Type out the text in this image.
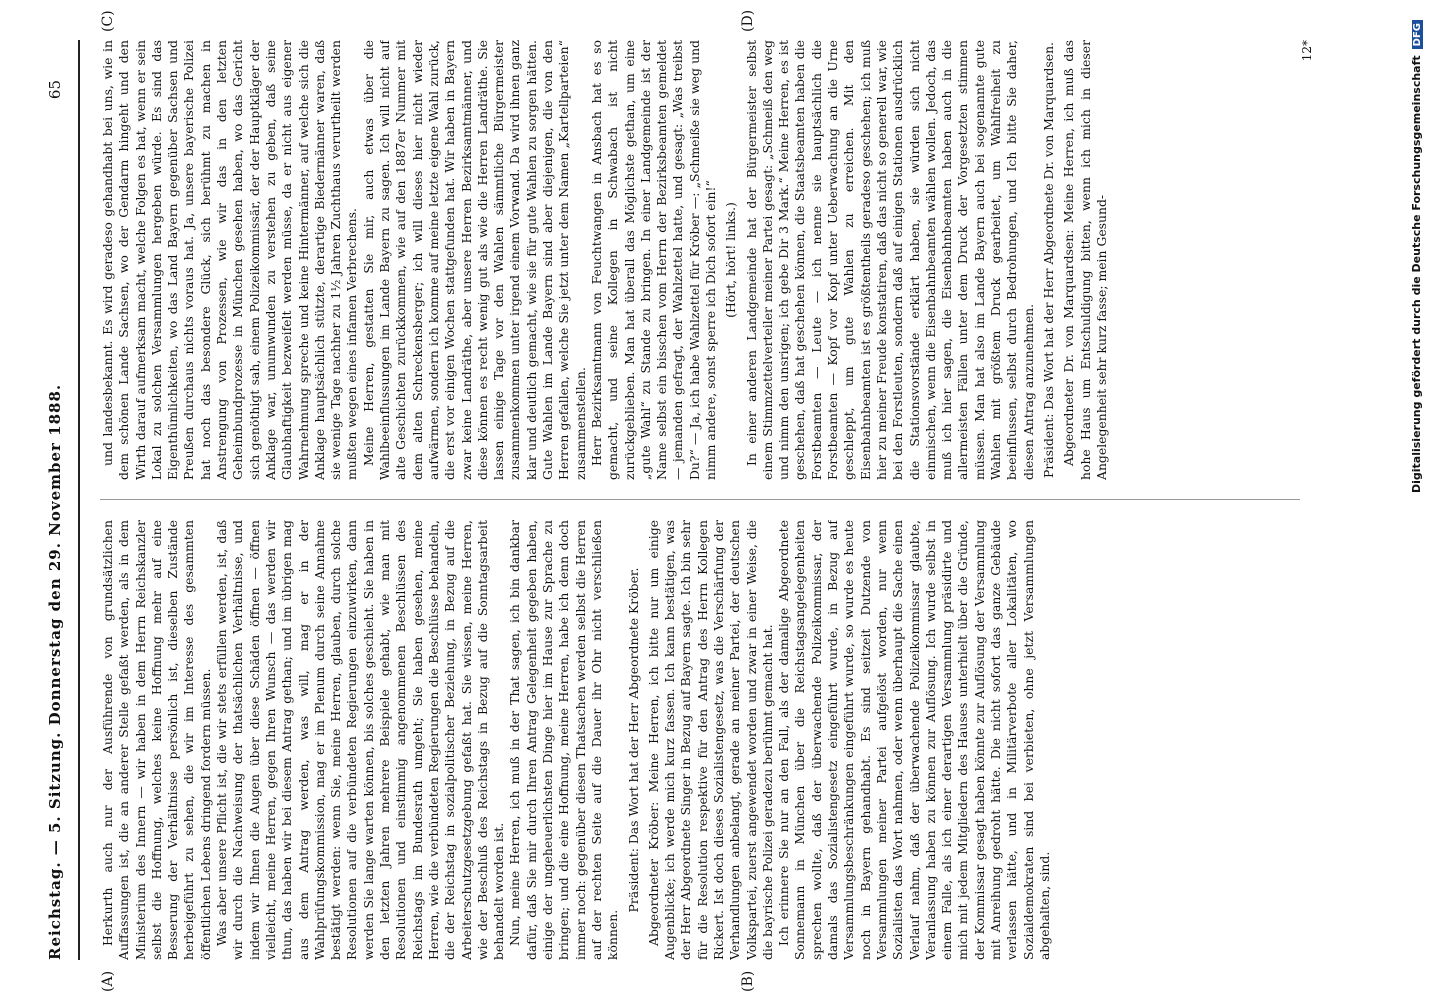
Reichstag. — 5. Sitzung. Donnerstag den 29. November 1888.
65
(A)	(B)
(C)	(D)

Herkurth auch nur der Ausführende von grundsätzlichen Auffassungen ist, die an anderer Stelle gefaßt werden, als in dem Ministerium des Innern — wir haben in dem Herrn Reichskanzler selbst die Hoffnung, welches keine Hoffnung mehr auf eine Besserung der Verhältnisse persönlich ist, dieselben Zustände herbeigeführt zu sehen, die wir im Interesse des gesammten öffentlichen Lebens dringend fordern müssen. Was aber unsere Pflicht ist, die wir stets erfüllen werden, ist, daß wir durch die Nachweisung der thatsächlichen Verhältnisse, und indem wir Ihnen die Augen über diese Schäden öffnen — öffnen vielleicht, meine Herren, gegen Ihren Wunsch — das werden wir thun, das haben wir bei diesem Antrag gethan; und im übrigen mag aus dem Antrag werden, was will, mag er in der Wahlprüfungskommission, mag er im Plenum durch seine Annahme bestätigt werden: wenn Sie, meine Herren, glauben, durch solche Resolutionen auf die verbündeten Regierungen einzuwirken, dann werden Sie lange warten können, bis solches geschieht. Sie haben in den letzten Jahren mehrere Beispiele gehabt, wie man mit Resolutionen und einstimmig angenommenen Beschlüssen des Reichstags im Bundesrath umgeht; Sie haben gesehen, meine Herren, wie die verbündeten Regierungen die Beschlüsse behandeln, die der Reichstag in sozialpolitischer Beziehung, in Bezug auf die Arbeiterschutzgesetzgebung gefaßt hat. Sie wissen, meine Herren, wie der Beschluß des Reichstags in Bezug auf die Sonntagsarbeit behandelt worden ist. Nun, meine Herren, ich muß in der That sagen, ich bin dankbar dafür, daß Sie mir durch Ihren Antrag Gelegenheit gegeben haben, einige der ungeheuerlichsten Dinge hier im Hause zur Sprache zu bringen; und die eine Hoffnung, meine Herren, habe ich denn doch immer noch: gegenüber diesen Thatsachen werden selbst die Herren auf der rechten Seite auf die Dauer ihr Ohr nicht verschließen können.

Präsident: Das Wort hat der Herr Abgeordnete Kröber. Abgeordneter Kröber: Meine Herren, ich bitte nur um einige Augenblicke; ich werde mich kurz fassen. Ich kann bestätigen, was der Herr Abgeordnete Singer in Bezug auf Bayern sagte. Ich bin sehr für die Resolution respektive für den Antrag des Herrn Kollegen Rickert. Ist doch dieses Sozialistengesetz, was die Verschärfung der Verhandlungen anbelangt, gerade an meiner Partei, der deutschen Volkspartei, zuerst angewendet worden und zwar in einer Weise, die die bayrische Polizei geradezu berühmt gemacht hat. Ich erinnere Sie nur an den Fall, als der damalige Abgeordnete Sonnemann in München über die Reichstagsangelegenheiten sprechen wollte, daß der überwachende Polizeikommissar, der damals das Sozialistengesetz eingeführt wurde, in Bezug auf Versammlungsbeschränkungen eingeführt wurde, so wurde es heute noch in Bayern gehandhabt. Es sind seitzeit Dutzende von Versammlungen meiner Partei aufgelöst worden, nur wenn Sozialisten das Wort nahmen, oder wenn überhaupt die Sache einen Verlauf nahm, daß der überwachende Polizeikommissar glaubte, Veranlassung haben zu können zur Auflösung. Ich wurde selbst in einem Falle, als ich einer derartigen Versammlung präsidirte und mich mit jedem Mitgliedern des Hauses unterhielt über die Gründe, der Kommissar gesagt haben könnte zur Auflösung der Versammlung mit Anreihung gedroht hätte. Die nicht sofort das ganze Gebäude verlassen hätte, und in Militärverbote aller Lokalitäten, wo Sozialdemokraten sind bei verbieten, ohne jetzt Versammlungen abgehalten, sind.

und landesbekannt. Es wird geradeso gehandhabt bei uns, wie in dem schönen Lande Sachsen, wo der Gendarm hingeht und den Wirth darauf aufmerksam macht, welche Folgen es hat, wenn er sein Lokal zu solchen Versammlungen hergeben würde. Es sind das Eigenthümlichkeiten, wo das Land Bayern gegenüber Sachsen und Preußen durchaus nichts voraus hat. Ja, unsere bayerische Polizei hat noch das besondere Glück, sich berühmt zu machen in Anstrengung von Prozessen, wie wir das in den letzten Geheimbundprozesse in München gesehen haben, wo das Gericht sich genöthigt sah, einem Polizeikommissär, der der Hauptkläger der Anklage war, unumwunden zu verstehen zu geben, daß seine Glaubhaftigkeit bezweifelt werden müsse, da er nicht aus eigener Wahrnehmung spreche und keine Hintermänner, auf welche sich die Anklage hauptsächlich stützte, derartige Biedermänner waren, daß sie wenige Tage nachher zu 1½ Jahren Zuchthaus verurtheilt werden mußten wegen eines infamen Verbrechens. Meine Herren, gestatten Sie mir, auch etwas über die Wahlbeeinflussungen im Lande Bayern zu sagen. Ich will nicht auf alte Geschichten zurückkommen, wie auf den 1887er Nummer mit dem alten Schreckensberger; ich will dieses hier nicht wieder aufwärmen, sondern ich komme auf meine letzte eigene Wahl zurück, die erst vor einigen Wochen stattgefunden hat. Wir haben in Bayern zwar keine Landräthe, aber unsere Herren Bezirksamtmänner, und diese können es recht wenig gut als wie die Herren Landräthe. Sie lassen einige Tage vor den Wahlen sämmtliche Bürgermeister zusammenkommen unter irgend einem Vorwand. Da wird ihnen ganz klar und deutlich gemacht, wie sie für gute Wahlen zu sorgen hätten. Gute Wahlen im Lande Bayern sind aber diejenigen, die von den Herren gefallen, welche Sie jetzt unter dem Namen „Kartellparteien“ zusammenstellen. Herr Bezirksamtmann von Feuchtwangen in Ansbach hat es so gemacht, und seine Kollegen in Schwabach ist nicht zurückgeblieben. Man hat überall das Möglichste gethan, um eine „gute Wahl“ zu Stande zu bringen. In einer Landgemeinde ist der Name selbst ein bisschen vom Herrn der Bezirksbeamten gemeldet — jemanden gefragt, der Wahlzettel hatte, und gesagt: „Was treibst Du?“ — Ja, ich habe Wahlzettel für Kröber —: „Schmeiße sie weg und nimm andere, sonst sperre ich Dich sofort ein!“ (Hört, hört! links.) In einer anderen Landgemeinde hat der Bürgermeister selbst einem Stimmzettelverteiler meiner Partei gesagt: „Schmeiß den weg und nimm den unsrigen; ich gebe Dir 3 Mark.“ Meine Herren, es ist geschehen, daß hat geschehen können, die Staatsbeamten haben die Forstbeamten — Leute — ich nenne sie hauptsächlich die Forstbeamten — Kopf vor Kopf unter Ueberwachung an die Urne geschleppt, um gute Wahlen zu erreichen. Mit den Eisenbahnbeamten ist es größtentheils geradeso geschehen; ich muß hier zu meiner Freude konstatiren, daß das nicht so generell war, wie bei den Forstleuten, sondern daß auf einigen Stationen ausdrücklich die Stationsvorstände erklärt haben, sie würden sich nicht einmischen, wenn die Eisenbahnbeamten wählen wollen. Jedoch, das muß ich hier sagen, die Eisenbahnbeamten haben auch in die allermeisten Fällen unter dem Druck der Vorgesetzten stimmen müssen. Man hat also im Lande Bayern auch bei sogenannte gute Wahlen mit größtem Druck gearbeitet, um Wahlfreiheit zu beeinflussen, selbst durch Bedrohungen, und Ich bitte Sie daher, diesen Antrag anzunehmen. Präsident: Das Wort hat der Herr Abgeordnete Dr. von Marquardsen. Abgeordneter Dr. von Marquardsen: Meine Herren, ich muß das hohe Haus um Entschuldigung bitten, wenn ich mich in dieser Angelegenheit sehr kurz fasse; mein Gesund-

12*
Digitalisierung gefördert durch die Deutsche ForschungsgemeinschaftDFG
